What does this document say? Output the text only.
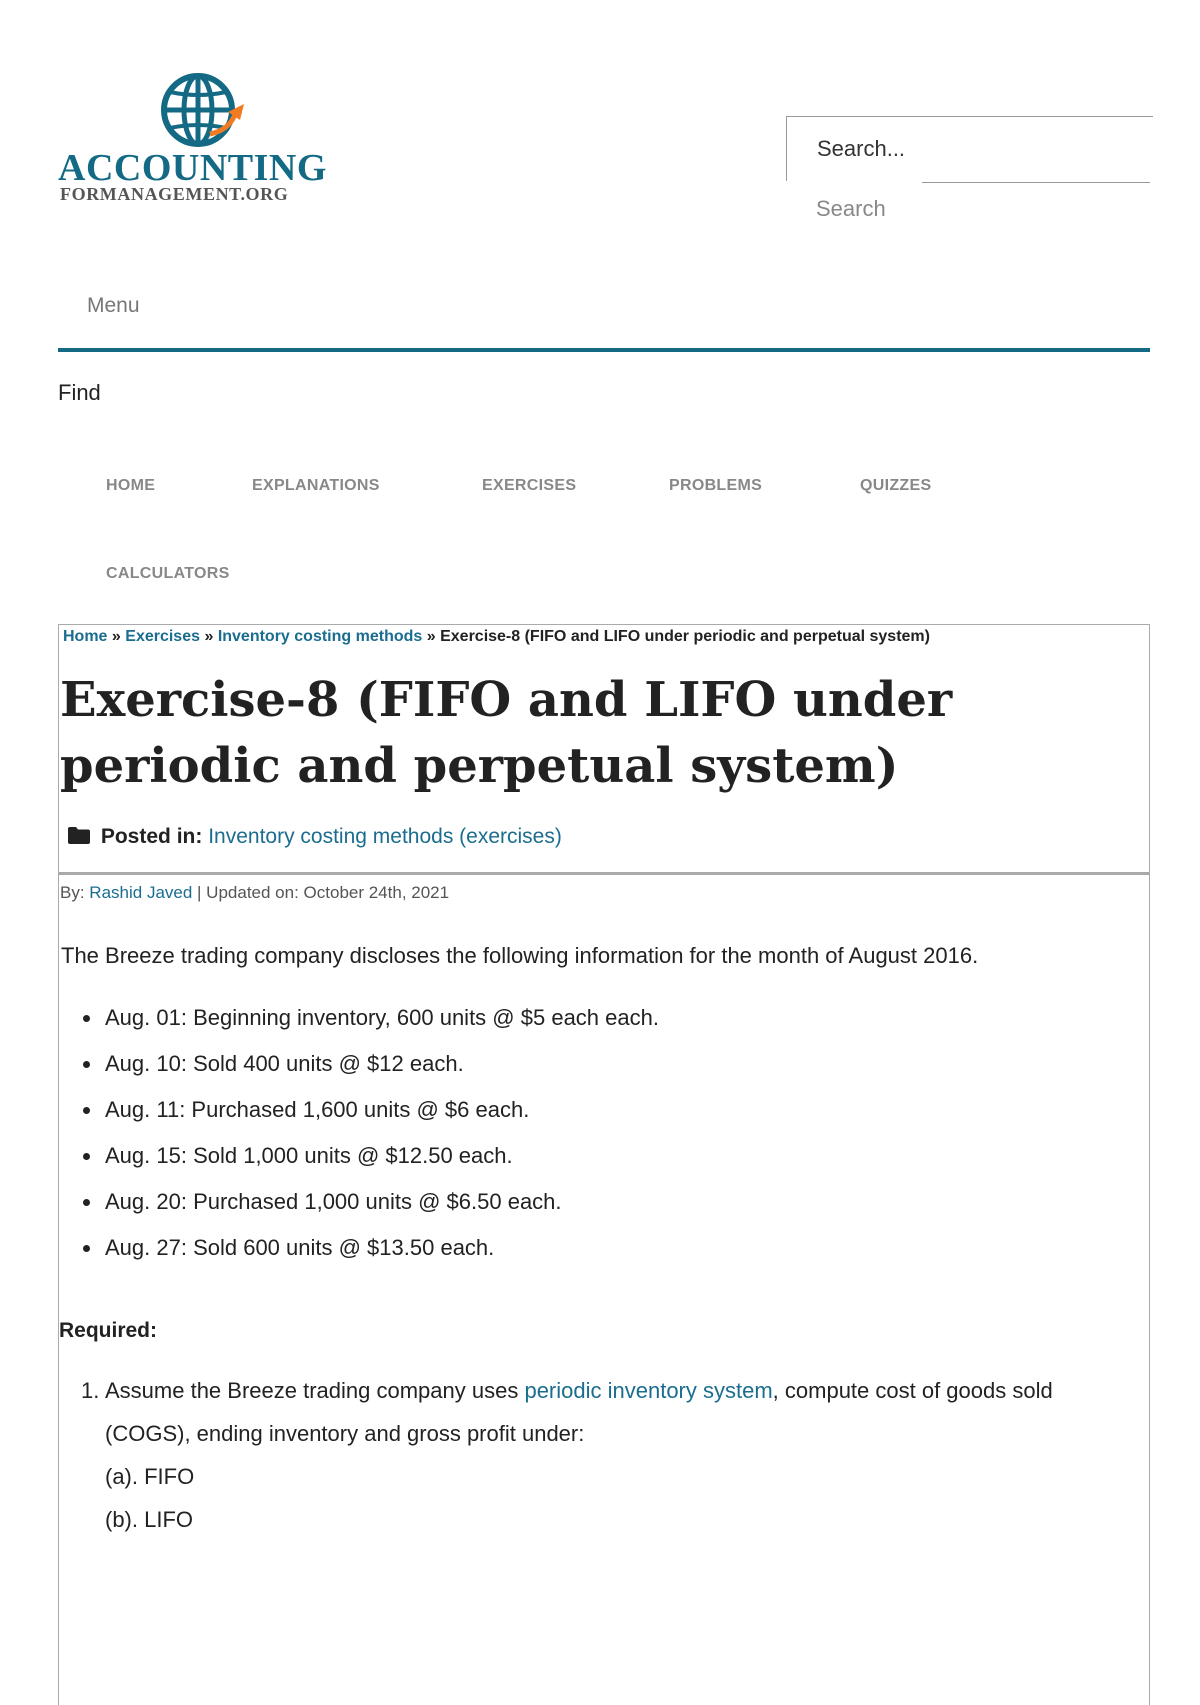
ACCOUNTING
FORMANAGEMENT.ORG
Search...
Search
Menu
Find
HOME	EXPLANATIONS	EXERCISES	PROBLEMS	QUIZZES
CALCULATORS
Home » Exercises » Inventory costing methods » Exercise-8 (FIFO and LIFO under periodic and perpetual system)
Exercise-8 (FIFO and LIFO under periodic and perpetual system)
Posted in: Inventory costing methods (exercises)
By: Rashid Javed | Updated on: October 24th, 2021
The Breeze trading company discloses the following information for the month of August 2016.
Aug. 01: Beginning inventory, 600 units @ $5 each each.
Aug. 10: Sold 400 units @ $12 each.
Aug. 11: Purchased 1,600 units @ $6 each.
Aug. 15: Sold 1,000 units @ $12.50 each.
Aug. 20: Purchased 1,000 units @ $6.50 each.
Aug. 27: Sold 600 units @ $13.50 each.
Required:
1. Assume the Breeze trading company uses periodic inventory system, compute cost of goods sold (COGS), ending inventory and gross profit under:
(a). FIFO
(b). LIFO
